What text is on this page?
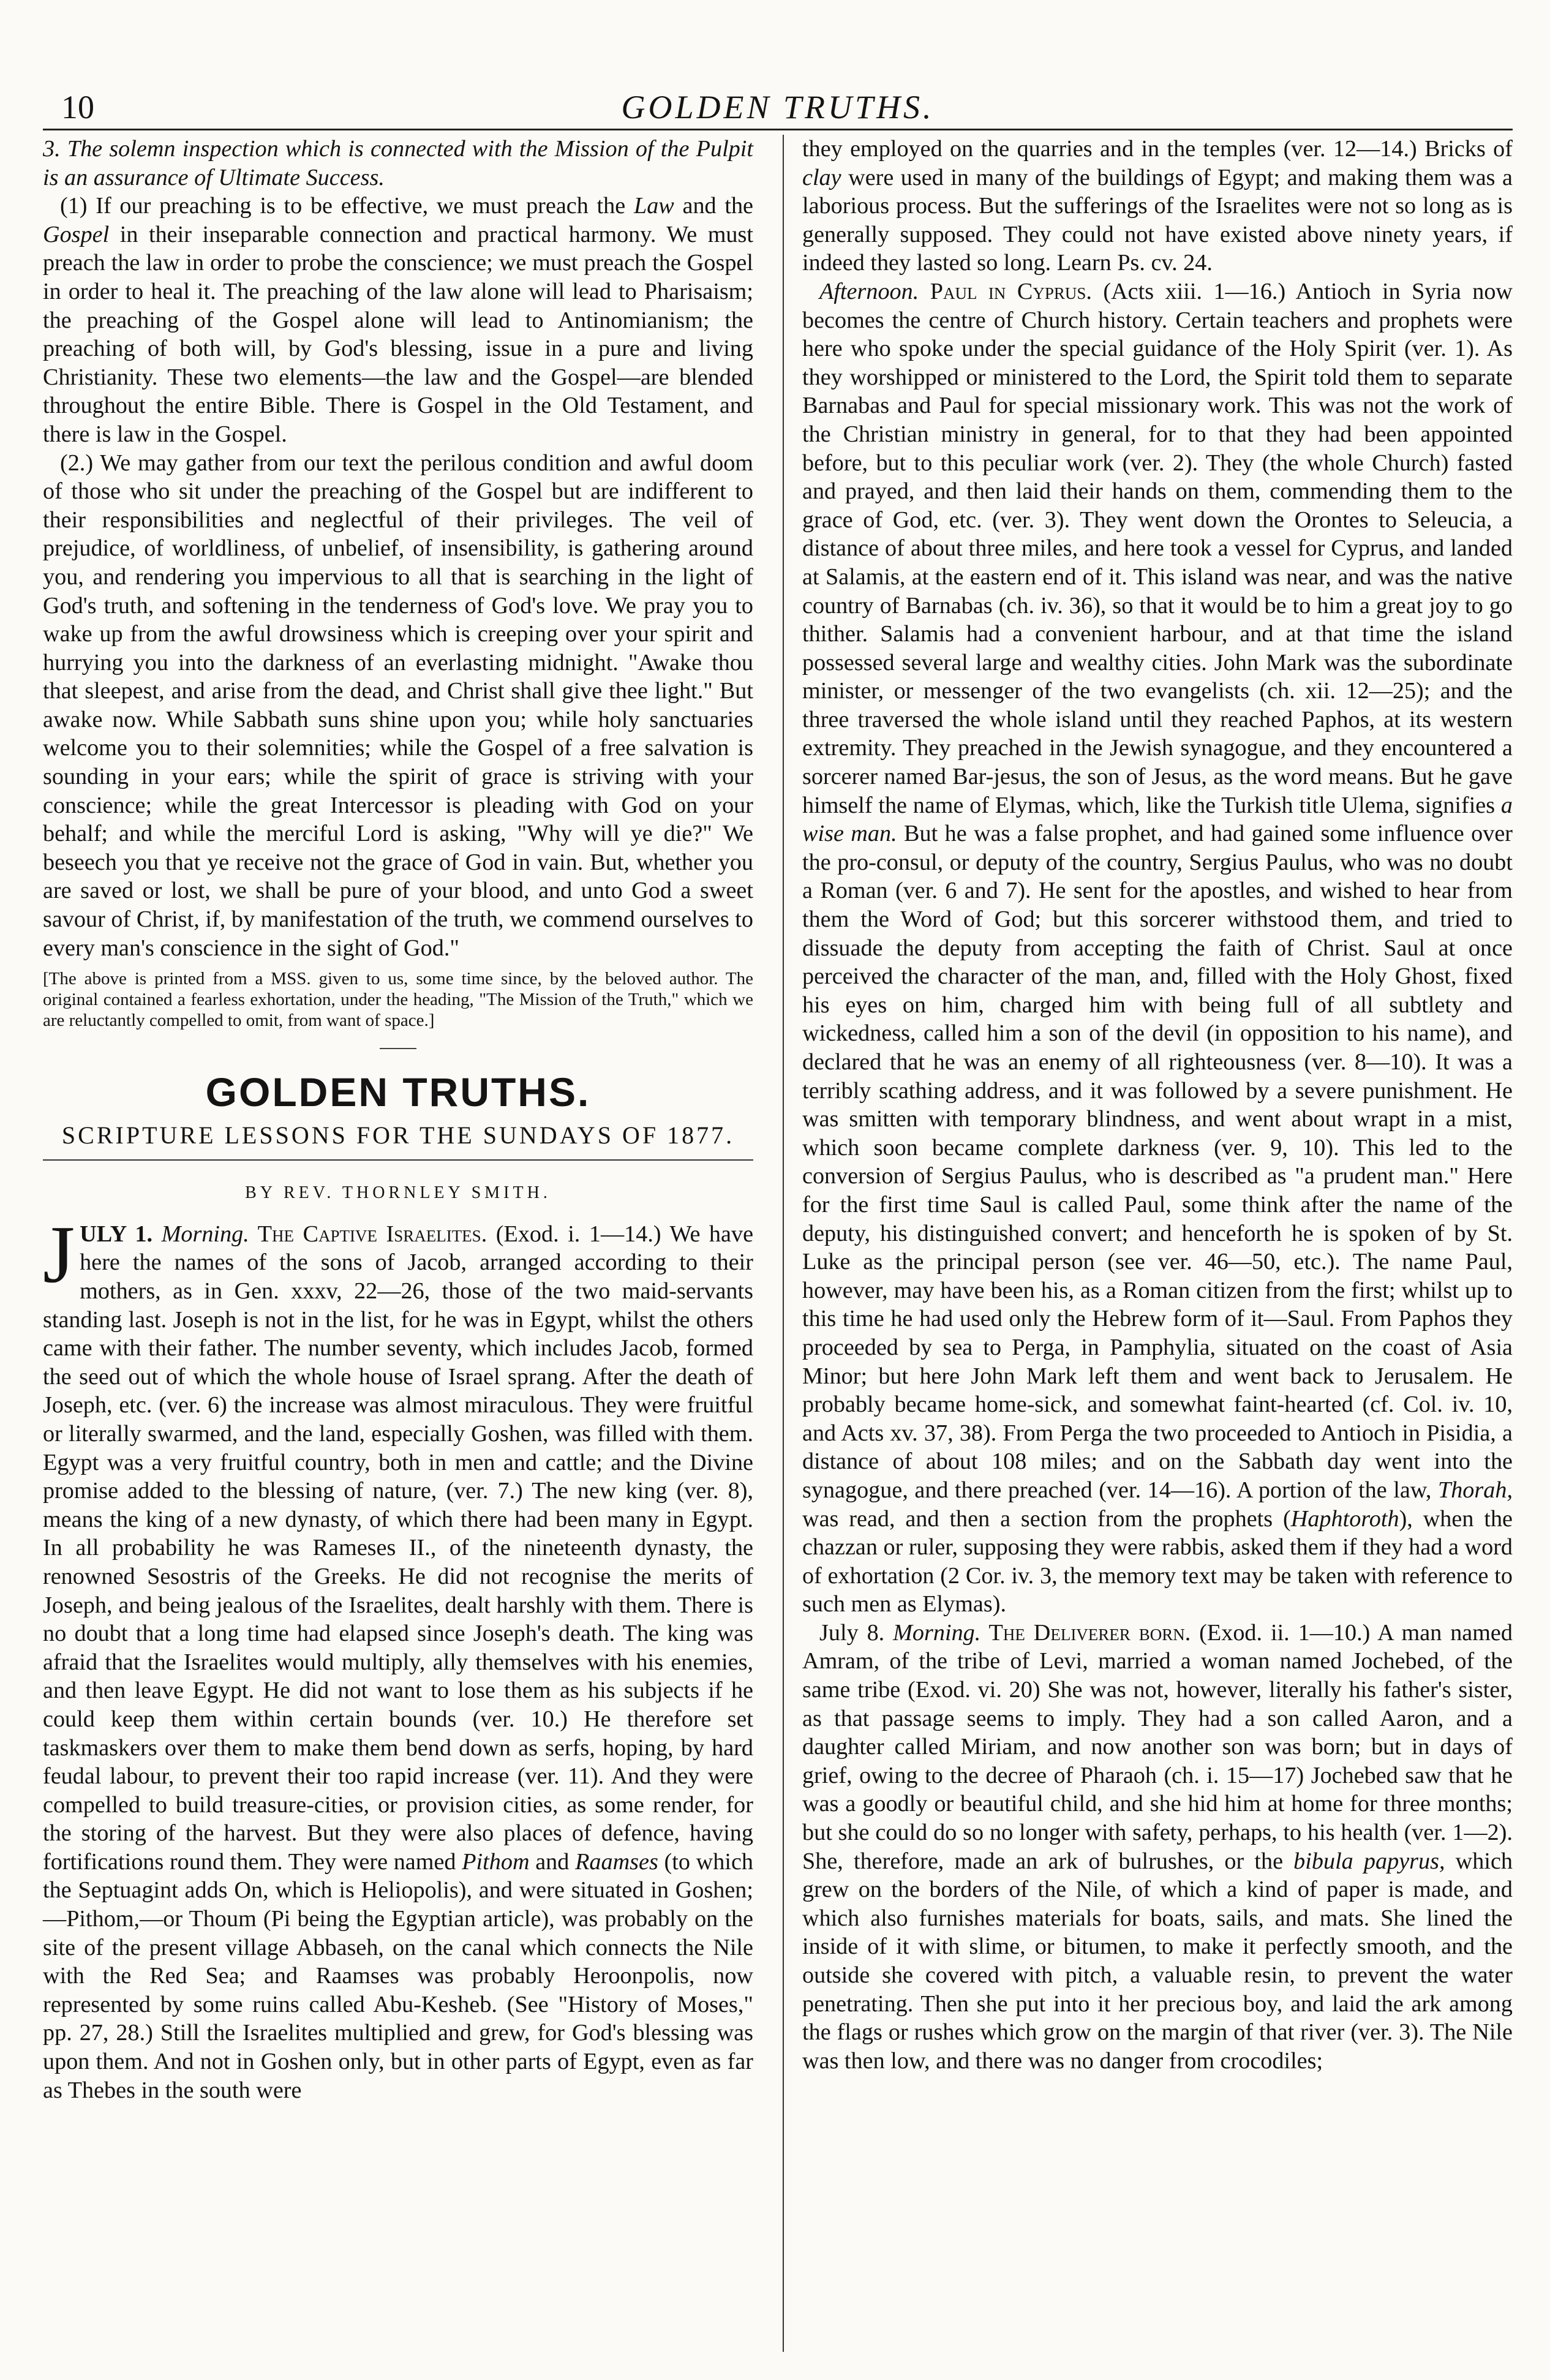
10	GOLDEN TRUTHS.

3. The solemn inspection which is connected with the Mission of the Pulpit is an assurance of Ultimate Success.

(1) If our preaching is to be effective, we must preach the Law and the Gospel in their inseparable connection and practical harmony. We must preach the law in order to probe the conscience; we must preach the Gospel in order to heal it. The preaching of the law alone will lead to Pharisaism; the preaching of the Gospel alone will lead to Antinomianism; the preaching of both will, by God's blessing, issue in a pure and living Christianity. These two elements—the law and the Gospel—are blended throughout the entire Bible. There is Gospel in the Old Testament, and there is law in the Gospel.

(2.) We may gather from our text the perilous condition and awful doom of those who sit under the preaching of the Gospel but are indifferent to their responsibilities and neglectful of their privileges. The veil of prejudice, of worldliness, of unbelief, of insensibility, is gathering around you, and rendering you impervious to all that is searching in the light of God's truth, and softening in the tenderness of God's love. We pray you to wake up from the awful drowsiness which is creeping over your spirit and hurrying you into the darkness of an everlasting midnight. "Awake thou that sleepest, and arise from the dead, and Christ shall give thee light." But awake now. While Sabbath suns shine upon you; while holy sanctuaries welcome you to their solemnities; while the Gospel of a free salvation is sounding in your ears; while the spirit of grace is striving with your conscience; while the great Intercessor is pleading with God on your behalf; and while the merciful Lord is asking, "Why will ye die?" We beseech you that ye receive not the grace of God in vain. But, whether you are saved or lost, we shall be pure of your blood, and unto God a sweet savour of Christ, if, by manifestation of the truth, we commend ourselves to every man's conscience in the sight of God."

[The above is printed from a MSS. given to us, some time since, by the beloved author. The original contained a fearless exhortation, under the heading, "The Mission of the Truth," which we are reluctantly compelled to omit, from want of space.]

GOLDEN TRUTHS.
SCRIPTURE LESSONS FOR THE SUNDAYS OF 1877.
BY REV. THORNLEY SMITH.

JULY 1. Morning. The Captive Israelites. (Exod. i. 1—14.) We have here the names of the sons of Jacob, arranged according to their mothers, as in Gen. xxxv, 22—26, those of the two maid-servants standing last. Joseph is not in the list, for he was in Egypt, whilst the others came with their father. The number seventy, which includes Jacob, formed the seed out of which the whole house of Israel sprang. After the death of Joseph, etc. (ver. 6) the increase was almost miraculous. They were fruitful or literally swarmed, and the land, especially Goshen, was filled with them. Egypt was a very fruitful country, both in men and cattle; and the Divine promise added to the blessing of nature, (ver. 7.) The new king (ver. 8), means the king of a new dynasty, of which there had been many in Egypt. In all probability he was Rameses II., of the nineteenth dynasty, the renowned Sesostris of the Greeks. He did not recognise the merits of Joseph, and being jealous of the Israelites, dealt harshly with them. There is no doubt that a long time had elapsed since Joseph's death. The king was afraid that the Israelites would multiply, ally themselves with his enemies, and then leave Egypt. He did not want to lose them as his subjects if he could keep them within certain bounds (ver. 10.) He therefore set taskmaskers over them to make them bend down as serfs, hoping, by hard feudal labour, to prevent their too rapid increase (ver. 11). And they were compelled to build treasure-cities, or provision cities, as some render, for the storing of the harvest. But they were also places of defence, having fortifications round them. They were named Pithom and Raamses (to which the Septuagint adds On, which is Heliopolis), and were situated in Goshen;—Pithom,—or Thoum (Pi being the Egyptian article), was probably on the site of the present village Abbaseh, on the canal which connects the Nile with the Red Sea; and Raamses was probably Heroonpolis, now represented by some ruins called Abu-Kesheb. (See "History of Moses," pp. 27, 28.) Still the Israelites multiplied and grew, for God's blessing was upon them. And not in Goshen only, but in other parts of Egypt, even as far as Thebes in the south were

they employed on the quarries and in the temples (ver. 12—14.) Bricks of clay were used in many of the buildings of Egypt; and making them was a laborious process. But the sufferings of the Israelites were not so long as is generally supposed. They could not have existed above ninety years, if indeed they lasted so long. Learn Ps. cv. 24.

Afternoon. Paul in Cyprus. (Acts xiii. 1—16.) Antioch in Syria now becomes the centre of Church history. Certain teachers and prophets were here who spoke under the special guidance of the Holy Spirit (ver. 1). As they worshipped or ministered to the Lord, the Spirit told them to separate Barnabas and Paul for special missionary work. This was not the work of the Christian ministry in general, for to that they had been appointed before, but to this peculiar work (ver. 2). They (the whole Church) fasted and prayed, and then laid their hands on them, commending them to the grace of God, etc. (ver. 3). They went down the Orontes to Seleucia, a distance of about three miles, and here took a vessel for Cyprus, and landed at Salamis, at the eastern end of it. This island was near, and was the native country of Barnabas (ch. iv. 36), so that it would be to him a great joy to go thither. Salamis had a convenient harbour, and at that time the island possessed several large and wealthy cities. John Mark was the subordinate minister, or messenger of the two evangelists (ch. xii. 12—25); and the three traversed the whole island until they reached Paphos, at its western extremity. They preached in the Jewish synagogue, and they encountered a sorcerer named Bar-jesus, the son of Jesus, as the word means. But he gave himself the name of Elymas, which, like the Turkish title Ulema, signifies a wise man. But he was a false prophet, and had gained some influence over the pro-consul, or deputy of the country, Sergius Paulus, who was no doubt a Roman (ver. 6 and 7). He sent for the apostles, and wished to hear from them the Word of God; but this sorcerer withstood them, and tried to dissuade the deputy from accepting the faith of Christ. Saul at once perceived the character of the man, and, filled with the Holy Ghost, fixed his eyes on him, charged him with being full of all subtlety and wickedness, called him a son of the devil (in opposition to his name), and declared that he was an enemy of all righteousness (ver. 8—10). It was a terribly scathing address, and it was followed by a severe punishment. He was smitten with temporary blindness, and went about wrapt in a mist, which soon became complete darkness (ver. 9, 10). This led to the conversion of Sergius Paulus, who is described as "a prudent man." Here for the first time Saul is called Paul, some think after the name of the deputy, his distinguished convert; and henceforth he is spoken of by St. Luke as the principal person (see ver. 46—50, etc.). The name Paul, however, may have been his, as a Roman citizen from the first; whilst up to this time he had used only the Hebrew form of it—Saul. From Paphos they proceeded by sea to Perga, in Pamphylia, situated on the coast of Asia Minor; but here John Mark left them and went back to Jerusalem. He probably became home-sick, and somewhat faint-hearted (cf. Col. iv. 10, and Acts xv. 37, 38). From Perga the two proceeded to Antioch in Pisidia, a distance of about 108 miles; and on the Sabbath day went into the synagogue, and there preached (ver. 14—16). A portion of the law, Thorah, was read, and then a section from the prophets (Haphtoroth), when the chazzan or ruler, supposing they were rabbis, asked them if they had a word of exhortation (2 Cor. iv. 3, the memory text may be taken with reference to such men as Elymas).

July 8. Morning. The Deliverer born. (Exod. ii. 1—10.) A man named Amram, of the tribe of Levi, married a woman named Jochebed, of the same tribe (Exod. vi. 20) She was not, however, literally his father's sister, as that passage seems to imply. They had a son called Aaron, and a daughter called Miriam, and now another son was born; but in days of grief, owing to the decree of Pharaoh (ch. i. 15—17) Jochebed saw that he was a goodly or beautiful child, and she hid him at home for three months; but she could do so no longer with safety, perhaps, to his health (ver. 1—2). She, therefore, made an ark of bulrushes, or the bibula papyrus, which grew on the borders of the Nile, of which a kind of paper is made, and which also furnishes materials for boats, sails, and mats. She lined the inside of it with slime, or bitumen, to make it perfectly smooth, and the outside she covered with pitch, a valuable resin, to prevent the water penetrating. Then she put into it her precious boy, and laid the ark among the flags or rushes which grow on the margin of that river (ver. 3). The Nile was then low, and there was no danger from crocodiles;
